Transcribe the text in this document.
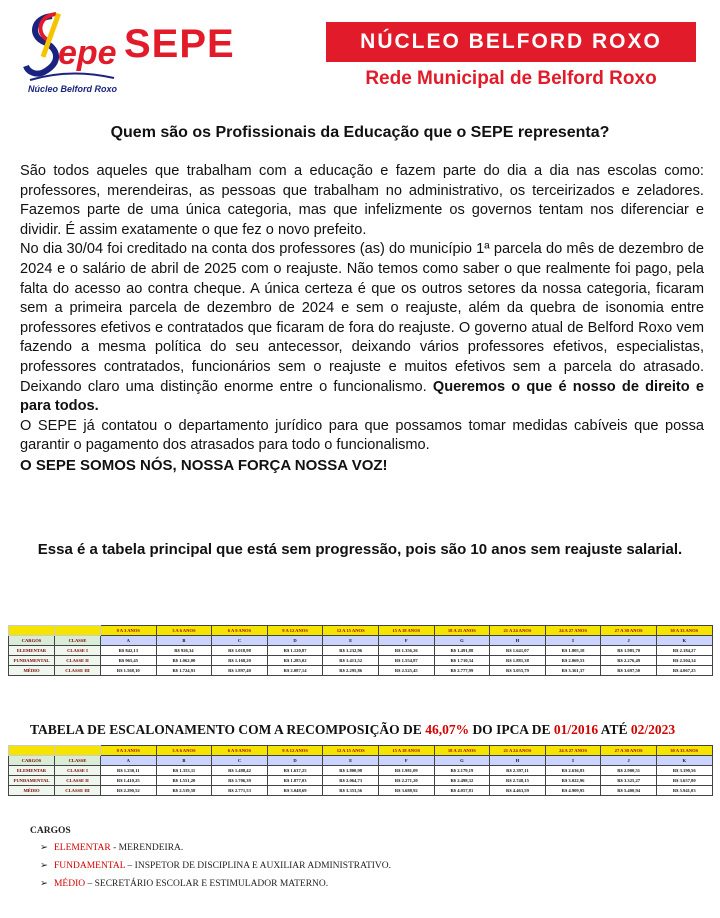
epe
Núcleo Belford Roxo
SEPE	NÚCLEO BELFORD ROXO
Rede Municipal de Belford Roxo
Quem são os Profissionais da Educação que o SEPE representa?

São todos aqueles que trabalham com a educação e fazem parte do dia a dia nas escolas como: professores, merendeiras, as pessoas que trabalham no administrativo, os terceirizados e zeladores. Fazemos parte de uma única categoria, mas que infelizmente os governos tentam nos diferenciar e dividir. É assim exatamente o que fez o novo prefeito.

No dia 30/04 foi creditado na conta dos professores (as) do município 1ª parcela do mês de dezembro de 2024 e o salário de abril de 2025 com o reajuste. Não temos como saber o que realmente foi pago, pela falta do acesso ao contra cheque. A única certeza é que os outros setores da nossa categoria, ficaram sem a primeira parcela de dezembro de 2024 e sem o reajuste, além da quebra de isonomia entre professores efetivos e contratados que ficaram de fora do reajuste. O governo atual de Belford Roxo vem fazendo a mesma política do seu antecessor, deixando vários professores efetivos, especialistas, professores contratados, funcionários sem o reajuste e muitos efetivos sem a parcela do atrasado. Deixando claro uma distinção enorme entre o funcionalismo. Queremos o que é nosso de direito e para todos.

O SEPE já contatou o departamento jurídico para que possamos tomar medidas cabíveis que possa garantir o pagamento dos atrasados para todo o funcionalismo.

O SEPE SOMOS NÓS, NOSSA FORÇA NOSSA VOZ!

Essa é a tabela principal que está sem progressão, pois são 10 anos sem reajuste salarial.
		0 A 3 ANOS	3 A 6 ANOS	6 A 9 ANOS	9 A 12 ANOS	12 A 15 ANOS	15 A 18 ANOS	18 A 21 ANOS	21 A 24 ANOS	24 A 27 ANOS	27 A 30 ANOS	30 A 33 ANOS
CARGOS	CLASSE	A	B	C	D	E	F	G	H	I	J	K
ELEMENTAR	CLASSE I	R$ 842,13	R$ 926,34	R$ 1.018,98	R$ 1.120,87	R$ 1.232,96	R$ 1.356,26	R$ 1.491,88	R$ 1.641,07	R$ 1.805,18	R$ 1.985,70	R$ 2.184,27
FUNDAMENTAL	CLASSE II	R$ 965,45	R$ 1.062,00	R$ 1.168,20	R$ 1.285,02	R$ 1.413,52	R$ 1.554,87	R$ 1.710,34	R$ 1.881,38	R$ 2.069,53	R$ 2.276,49	R$ 2.504,14
MÉDIO	CLASSE III	R$ 1.568,10	R$ 1.724,91	R$ 1.897,40	R$ 2.087,14	R$ 2.295,86	R$ 2.525,45	R$ 2.777,99	R$ 3.055,79	R$ 3.361,37	R$ 3.697,50	R$ 4.067,25
TABELA DE ESCALONAMENTO COM A RECOMPOSIÇÃO DE 46,07% DO IPCA DE 01/2016 ATÉ 02/2023
		0 A 3 ANOS	3 A 6 ANOS	6 A 9 ANOS	9 A 12 ANOS	12 A 15 ANOS	15 A 18 ANOS	18 A 21 ANOS	21 A 24 ANOS	24 A 27 ANOS	27 A 30 ANOS	30 A 33 ANOS
CARGOS	CLASSE	A	B	C	D	E	F	G	H	I	J	K
ELEMENTAR	CLASSE I	R$ 1.230,11	R$ 1.353,11	R$ 1.488,42	R$ 1.637,25	R$ 1.800,98	R$ 1.981,09	R$ 2.179,19	R$ 2.397,11	R$ 2.636,83	R$ 2.900,51	R$ 3.190,56
FUNDAMENTAL	CLASSE II	R$ 1.410,25	R$ 1.551,20	R$ 1.706,39	R$ 1.877,03	R$ 2.064,73	R$ 2.271,20	R$ 2.498,32	R$ 2.748,15	R$ 3.022,96	R$ 3.325,27	R$ 3.657,80
MÉDIO	CLASSE III	R$ 2.290,52	R$ 2.519,58	R$ 2.771,53	R$ 3.048,69	R$ 3.353,56	R$ 3.688,92	R$ 4.057,81	R$ 4.463,59	R$ 4.909,95	R$ 5.400,94	R$ 5.941,03
CARGOS
➢ ELEMENTAR - MERENDEIRA.
➢ FUNDAMENTAL – INSPETOR DE DISCIPLINA E AUXILIAR ADMINISTRATIVO.
➢ MÉDIO – SECRETÁRIO ESCOLAR E ESTIMULADOR MATERNO.
